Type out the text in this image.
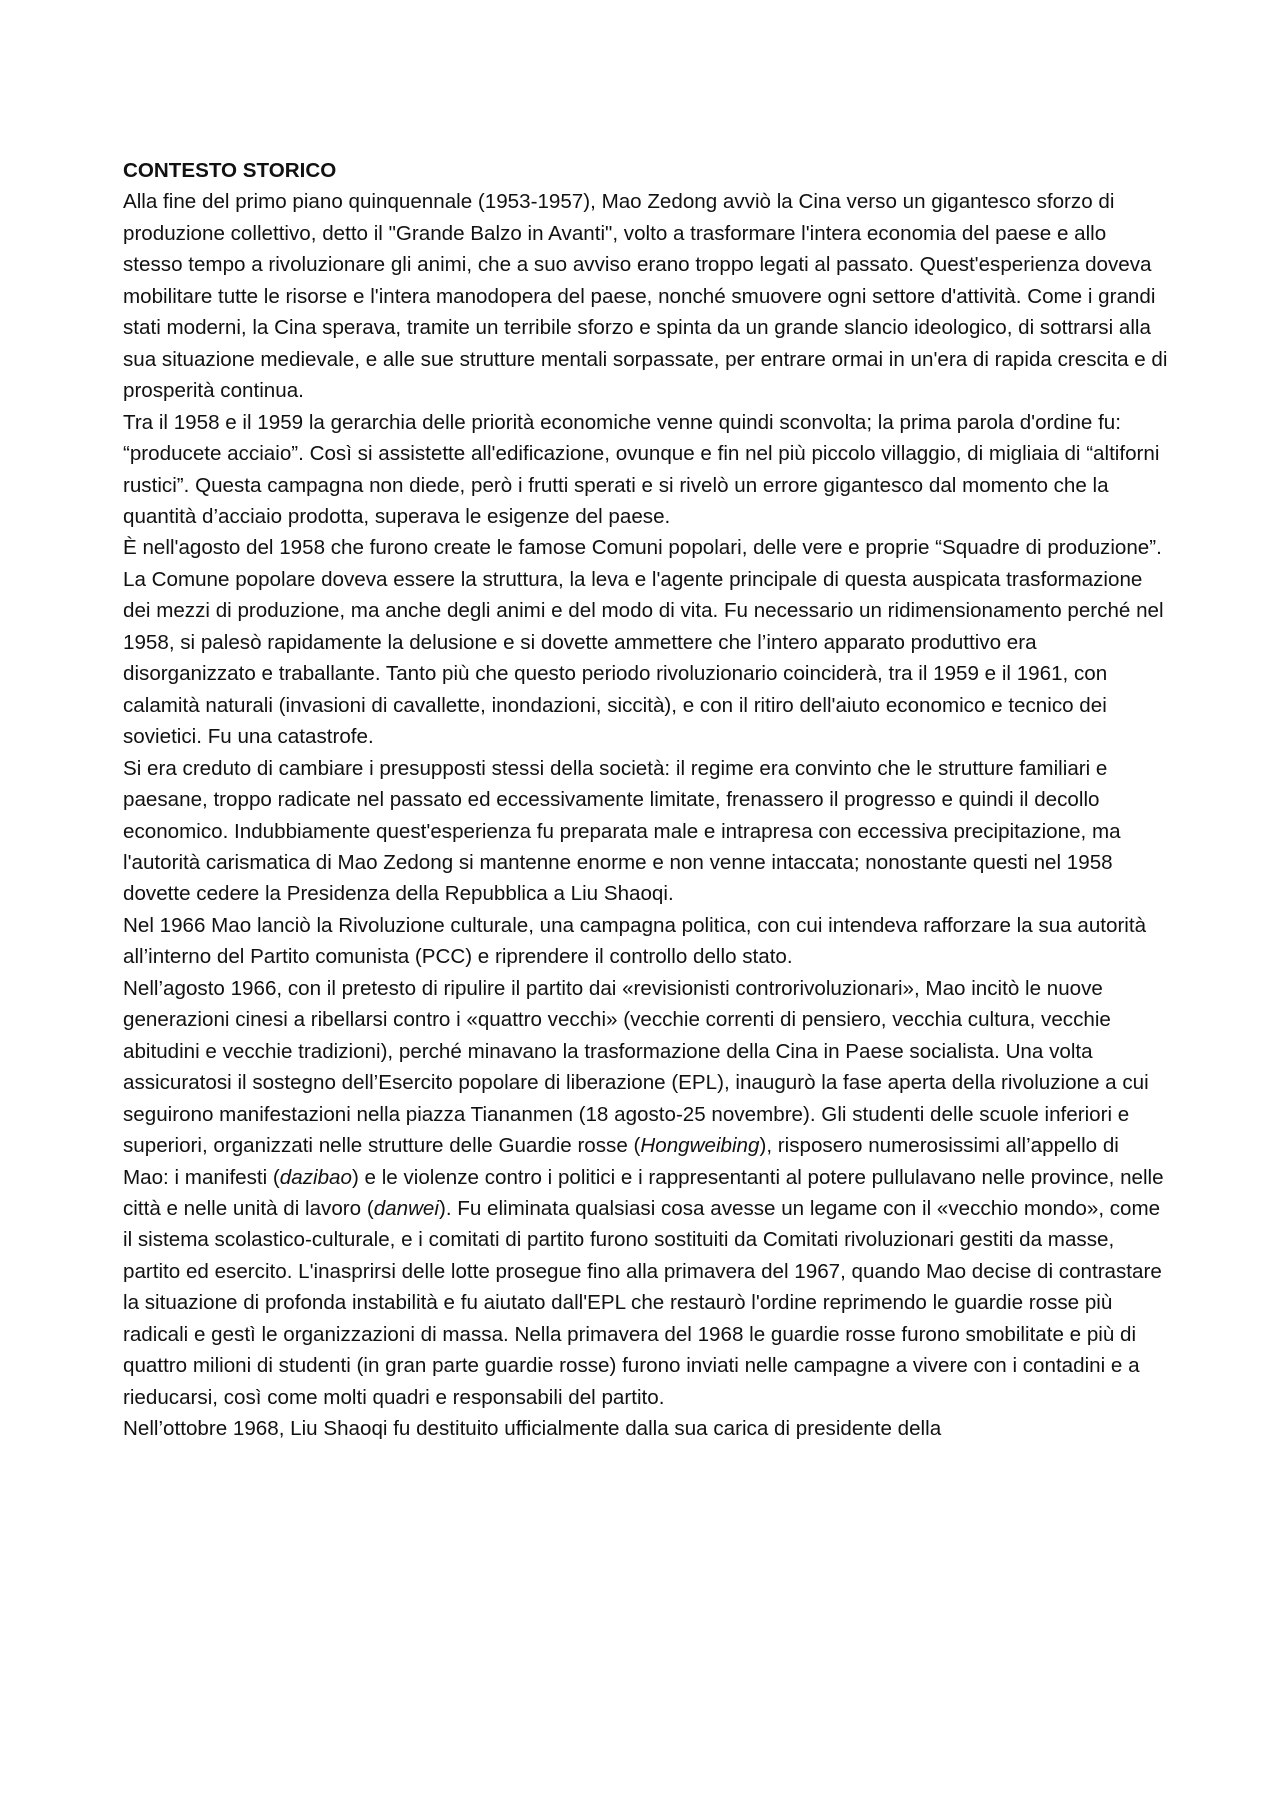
CONTESTO STORICO

Alla fine del primo piano quinquennale (1953-1957), Mao Zedong avviò la Cina verso un gigantesco sforzo di produzione collettivo, detto il "Grande Balzo in Avanti", volto a trasformare l'intera economia del paese e allo stesso tempo a rivoluzionare gli animi, che a suo avviso erano troppo legati al passato. Quest'esperienza doveva mobilitare tutte le risorse e l'intera manodopera del paese, nonché smuovere ogni settore d'attività. Come i grandi stati moderni, la Cina sperava, tramite un terribile sforzo e spinta da un grande slancio ideologico, di sottrarsi alla sua situazione medievale, e alle sue strutture mentali sorpassate, per entrare ormai in un'era di rapida crescita e di prosperità continua.

Tra il 1958 e il 1959 la gerarchia delle priorità economiche venne quindi sconvolta; la prima parola d'ordine fu: “producete acciaio”. Così si assistette all'edificazione, ovunque e fin nel più piccolo villaggio, di migliaia di “altiforni rustici”. Questa campagna non diede, però i frutti sperati e si rivelò un errore gigantesco dal momento che la quantità d’acciaio prodotta, superava le esigenze del paese.

È nell'agosto del 1958 che furono create le famose Comuni popolari, delle vere e proprie “Squadre di produzione”. La Comune popolare doveva essere la struttura, la leva e l'agente principale di questa auspicata trasformazione dei mezzi di produzione, ma anche degli animi e del modo di vita. Fu necessario un ridimensionamento perché nel 1958, si palesò rapidamente la delusione e si dovette ammettere che l’intero apparato produttivo era disorganizzato e traballante. Tanto più che questo periodo rivoluzionario coinciderà, tra il 1959 e il 1961, con calamità naturali (invasioni di cavallette, inondazioni, siccità), e con il ritiro dell'aiuto economico e tecnico dei sovietici. Fu una catastrofe.

Si era creduto di cambiare i presupposti stessi della società: il regime era convinto che le strutture familiari e paesane, troppo radicate nel passato ed eccessivamente limitate, frenassero il progresso e quindi il decollo economico. Indubbiamente quest'esperienza fu preparata male e intrapresa con eccessiva precipitazione, ma l'autorità carismatica di Mao Zedong si mantenne enorme e non venne intaccata; nonostante questi nel 1958 dovette cedere la Presidenza della Repubblica a Liu Shaoqi.

Nel 1966 Mao lanciò la Rivoluzione culturale, una campagna politica, con cui intendeva rafforzare la sua autorità all’interno del Partito comunista (PCC) e riprendere il controllo dello stato.

Nell’agosto 1966, con il pretesto di ripulire il partito dai «revisionisti controrivoluzionari», Mao incitò le nuove generazioni cinesi a ribellarsi contro i «quattro vecchi» (vecchie correnti di pensiero, vecchia cultura, vecchie abitudini e vecchie tradizioni), perché minavano la trasformazione della Cina in Paese socialista. Una volta assicuratosi il sostegno dell’Esercito popolare di liberazione (EPL), inaugurò la fase aperta della rivoluzione a cui seguirono manifestazioni nella piazza Tiananmen (18 agosto-25 novembre). Gli studenti delle scuole inferiori e superiori, organizzati nelle strutture delle Guardie rosse (Hongweibing), risposero numerosissimi all’appello di Mao: i manifesti (dazibao) e le violenze contro i politici e i rappresentanti al potere pullulavano nelle province, nelle città e nelle unità di lavoro (danwei). Fu eliminata qualsiasi cosa avesse un legame con il «vecchio mondo», come il sistema scolastico-culturale, e i comitati di partito furono sostituiti da Comitati rivoluzionari gestiti da masse, partito ed esercito. L'inasprirsi delle lotte prosegue fino alla primavera del 1967, quando Mao decise di contrastare la situazione di profonda instabilità e fu aiutato dall'EPL che restaurò l'ordine reprimendo le guardie rosse più radicali e gestì le organizzazioni di massa. Nella primavera del 1968 le guardie rosse furono smobilitate e più di quattro milioni di studenti (in gran parte guardie rosse) furono inviati nelle campagne a vivere con i contadini e a rieducarsi, così come molti quadri e responsabili del partito.

Nell’ottobre 1968, Liu Shaoqi fu destituito ufficialmente dalla sua carica di presidente della
